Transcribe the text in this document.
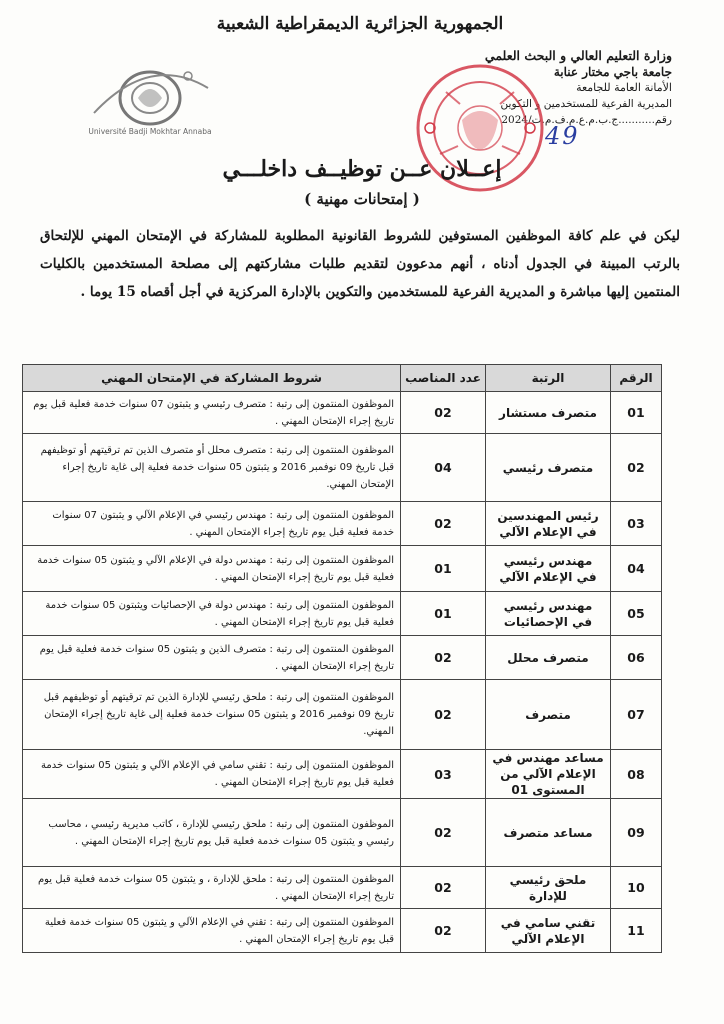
الجمهورية الجزائرية الديمقراطية الشعبية
وزارة التعليم العالي و البحث العلمي
جامعة باجي مختار عنابة
الأمانة العامة للجامعة
المديرية الفرعية للمستخدمين و التكوين
رقم...........ج.ب.م.ع.م.ف.م.ت/2024
Université Badji Mokhtar Annaba	49
إعــلان عــن توظيــف داخلـــي
( إمتحانات مهنية )
ليكن في علم كافة الموظفين المستوفين للشروط القانونية المطلوبة للمشاركة في الإمتحان المهني للإلتحاق بالرتب المبينة في الجدول أدناه ، أنهم مدعوون لتقديم طلبات مشاركتهم إلى مصلحة المستخدمين بالكليات المنتمين إليها مباشرة و المديرية الفرعية للمستخدمين والتكوين بالإدارة المركزية في أجل أقصاه 15 يوما .
الرقم	الرتبة	عدد المناصب	شروط المشاركة في الإمتحان المهني
01	متصرف مستشار	02	الموظفون المنتمون إلى رتبة : متصرف رئيسي و يثبتون 07 سنوات خدمة فعلية قبل يوم تاريخ إجراء الإمتحان المهني .
02	متصرف رئيسي	04	الموظفون المنتمون إلى رتبة : متصرف محلل أو متصرف الذين تم ترقيتهم أو توظيفهم قبل تاريخ 09 نوفمبر 2016 و يثبتون 05 سنوات خدمة فعلية إلى غاية تاريخ إجراء الإمتحان المهني.
03	رئيس المهندسين في الإعلام الآلي	02	الموظفون المنتمون إلى رتبة : مهندس رئيسي في الإعلام الآلي و يثبتون 07 سنوات خدمة فعلية قبل يوم تاريخ إجراء الإمتحان المهني .
04	مهندس رئيسي في الإعلام الآلي	01	الموظفون المنتمون إلى رتبة : مهندس دولة في الإعلام الآلي و يثبتون 05 سنوات خدمة فعلية قبل يوم تاريخ إجراء الإمتحان المهني .
05	مهندس رئيسي في الإحصائيات	01	الموظفون المنتمون إلى رتبة : مهندس دولة في الإحصائيات ويثبتون 05 سنوات خدمة فعلية قبل يوم تاريخ إجراء الإمتحان المهني .
06	متصرف محلل	02	الموظفون المنتمون إلى رتبة : متصرف الذين و يثبتون 05 سنوات خدمة فعلية قبل يوم تاريخ إجراء الإمتحان المهني .
07	متصرف	02	الموظفون المنتمون إلى رتبة : ملحق رئيسي للإدارة الذين تم ترقيتهم أو توظيفهم قبل تاريخ 09 نوفمبر 2016 و يثبتون 05 سنوات خدمة فعلية إلى غاية تاريخ إجراء الإمتحان المهني.
08	مساعد مهندس في الإعلام الآلي من المستوى 01	03	الموظفون المنتمون إلى رتبة : تقني سامي في الإعلام الآلي و يثبتون 05 سنوات خدمة فعلية قبل يوم تاريخ إجراء الإمتحان المهني .
09	مساعد متصرف	02	الموظفون المنتمون إلى رتبة : ملحق رئيسي للإدارة ، كاتب مديرية رئيسي ، محاسب رئيسي و يثبتون 05 سنوات خدمة فعلية قبل يوم تاريخ إجراء الإمتحان المهني .
10	ملحق رئيسي للإدارة	02	الموظفون المنتمون إلى رتبة : ملحق للإدارة ، و يثبتون 05 سنوات خدمة فعلية قبل يوم تاريخ إجراء الإمتحان المهني .
11	تقني سامي في الإعلام الآلي	02	الموظفون المنتمون إلى رتبة : تقني في الإعلام الآلي و يثبتون 05 سنوات خدمة فعلية قبل يوم تاريخ إجراء الإمتحان المهني .
